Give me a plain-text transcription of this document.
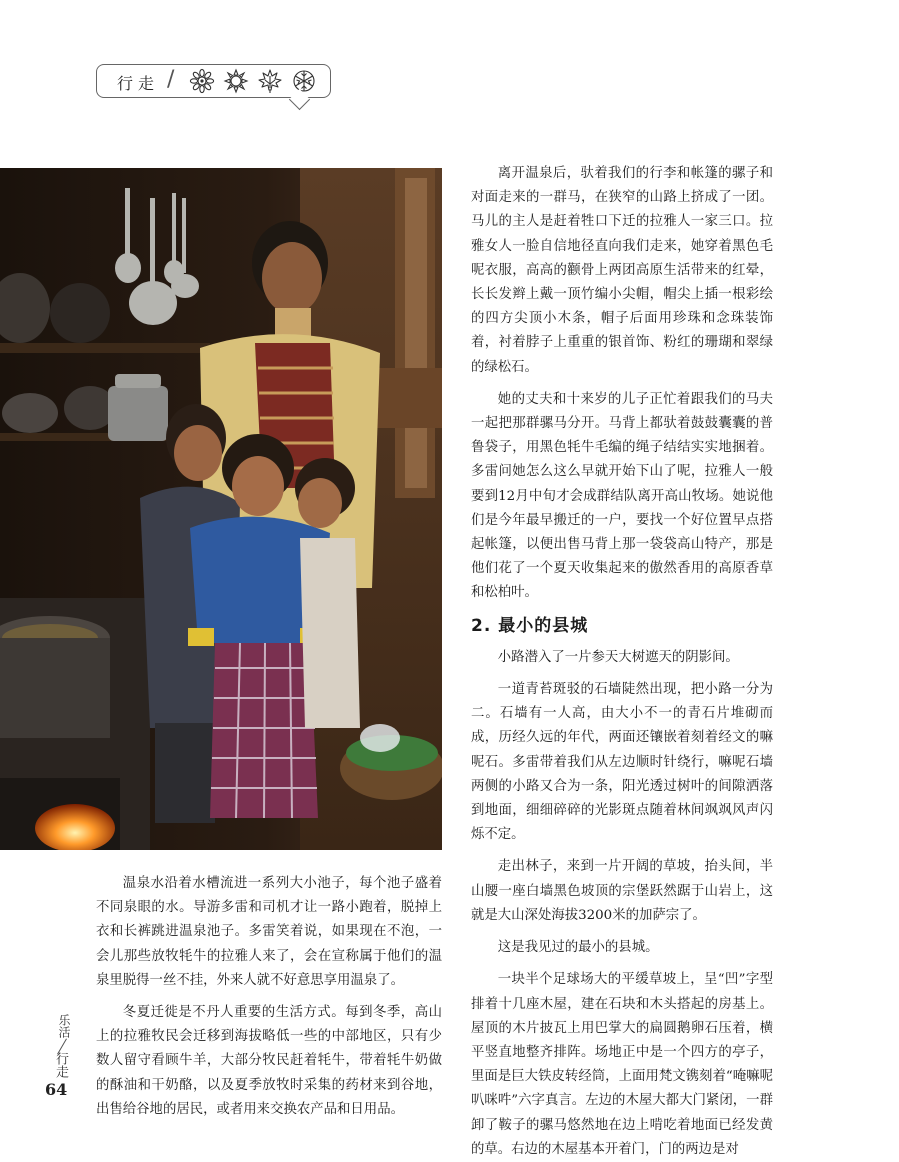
行走 /

离开温泉后，驮着我们的行李和帐篷的骡子和对面走来的一群马，在狭窄的山路上挤成了一团。马儿的主人是赶着牲口下迁的拉雅人一家三口。拉雅女人一脸自信地径直向我们走来，她穿着黑色毛呢衣服，高高的颧骨上两团高原生活带来的红晕，长长发辫上戴一顶竹编小尖帽，帽尖上插一根彩绘的四方尖顶小木条，帽子后面用珍珠和念珠装饰着，衬着脖子上重重的银首饰、粉红的珊瑚和翠绿的绿松石。

她的丈夫和十来岁的儿子正忙着跟我们的马夫一起把那群骡马分开。马背上都驮着鼓鼓囊囊的普鲁袋子，用黑色牦牛毛编的绳子结结实实地捆着。多雷问她怎么这么早就开始下山了呢，拉雅人一般要到12月中旬才会成群结队离开高山牧场。她说他们是今年最早搬迁的一户，要找一个好位置早点搭起帐篷，以便出售马背上那一袋袋高山特产，那是他们花了一个夏天收集起来的傲然香用的高原香草和松柏叶。

2. 最小的县城

小路潜入了一片参天大树遮天的阴影间。

一道青苔斑驳的石墙陡然出现，把小路一分为二。石墙有一人高，由大小不一的青石片堆砌而成，历经久远的年代，两面还镶嵌着刻着经文的嘛呢石。多雷带着我们从左边顺时针绕行，嘛呢石墙两侧的小路又合为一条，阳光透过树叶的间隙洒落到地面，细细碎碎的光影斑点随着林间飒飒风声闪烁不定。

走出林子，来到一片开阔的草坡，抬头间，半山腰一座白墙黑色坡顶的宗堡跃然踞于山岩上，这就是大山深处海拔3200米的加萨宗了。

这是我见过的最小的县城。

一块半个足球场大的平缓草坡上，呈“凹”字型排着十几座木屋，建在石块和木头搭起的房基上。屋顶的木片披瓦上用巴掌大的扁圆鹅卵石压着，横平竖直地整齐排阵。场地正中是一个四方的亭子，里面是巨大铁皮转经筒，上面用梵文镌刻着“唵嘛呢叭咪吽”六字真言。左边的木屋大都大门紧闭，一群卸了鞍子的骡马悠然地在边上啃吃着地面已经发黄的草。右边的木屋基本开着门，门的两边是对

温泉水沿着水槽流进一系列大小池子，每个池子盛着不同泉眼的水。导游多雷和司机才让一路小跑着，脱掉上衣和长裤跳进温泉池子。多雷笑着说，如果现在不泡，一会儿那些放牧牦牛的拉雅人来了，会在宣称属于他们的温泉里脱得一丝不挂，外来人就不好意思享用温泉了。

冬夏迁徙是不丹人重要的生活方式。每到冬季，高山上的拉雅牧民会迁移到海拔略低一些的中部地区，只有少数人留守看顾牛羊，大部分牧民赶着牦牛，带着牦牛奶做的酥油和干奶酪，以及夏季放牧时采集的药材来到谷地，出售给谷地的居民，或者用来交换农产品和日用品。

乐活
行走
64
